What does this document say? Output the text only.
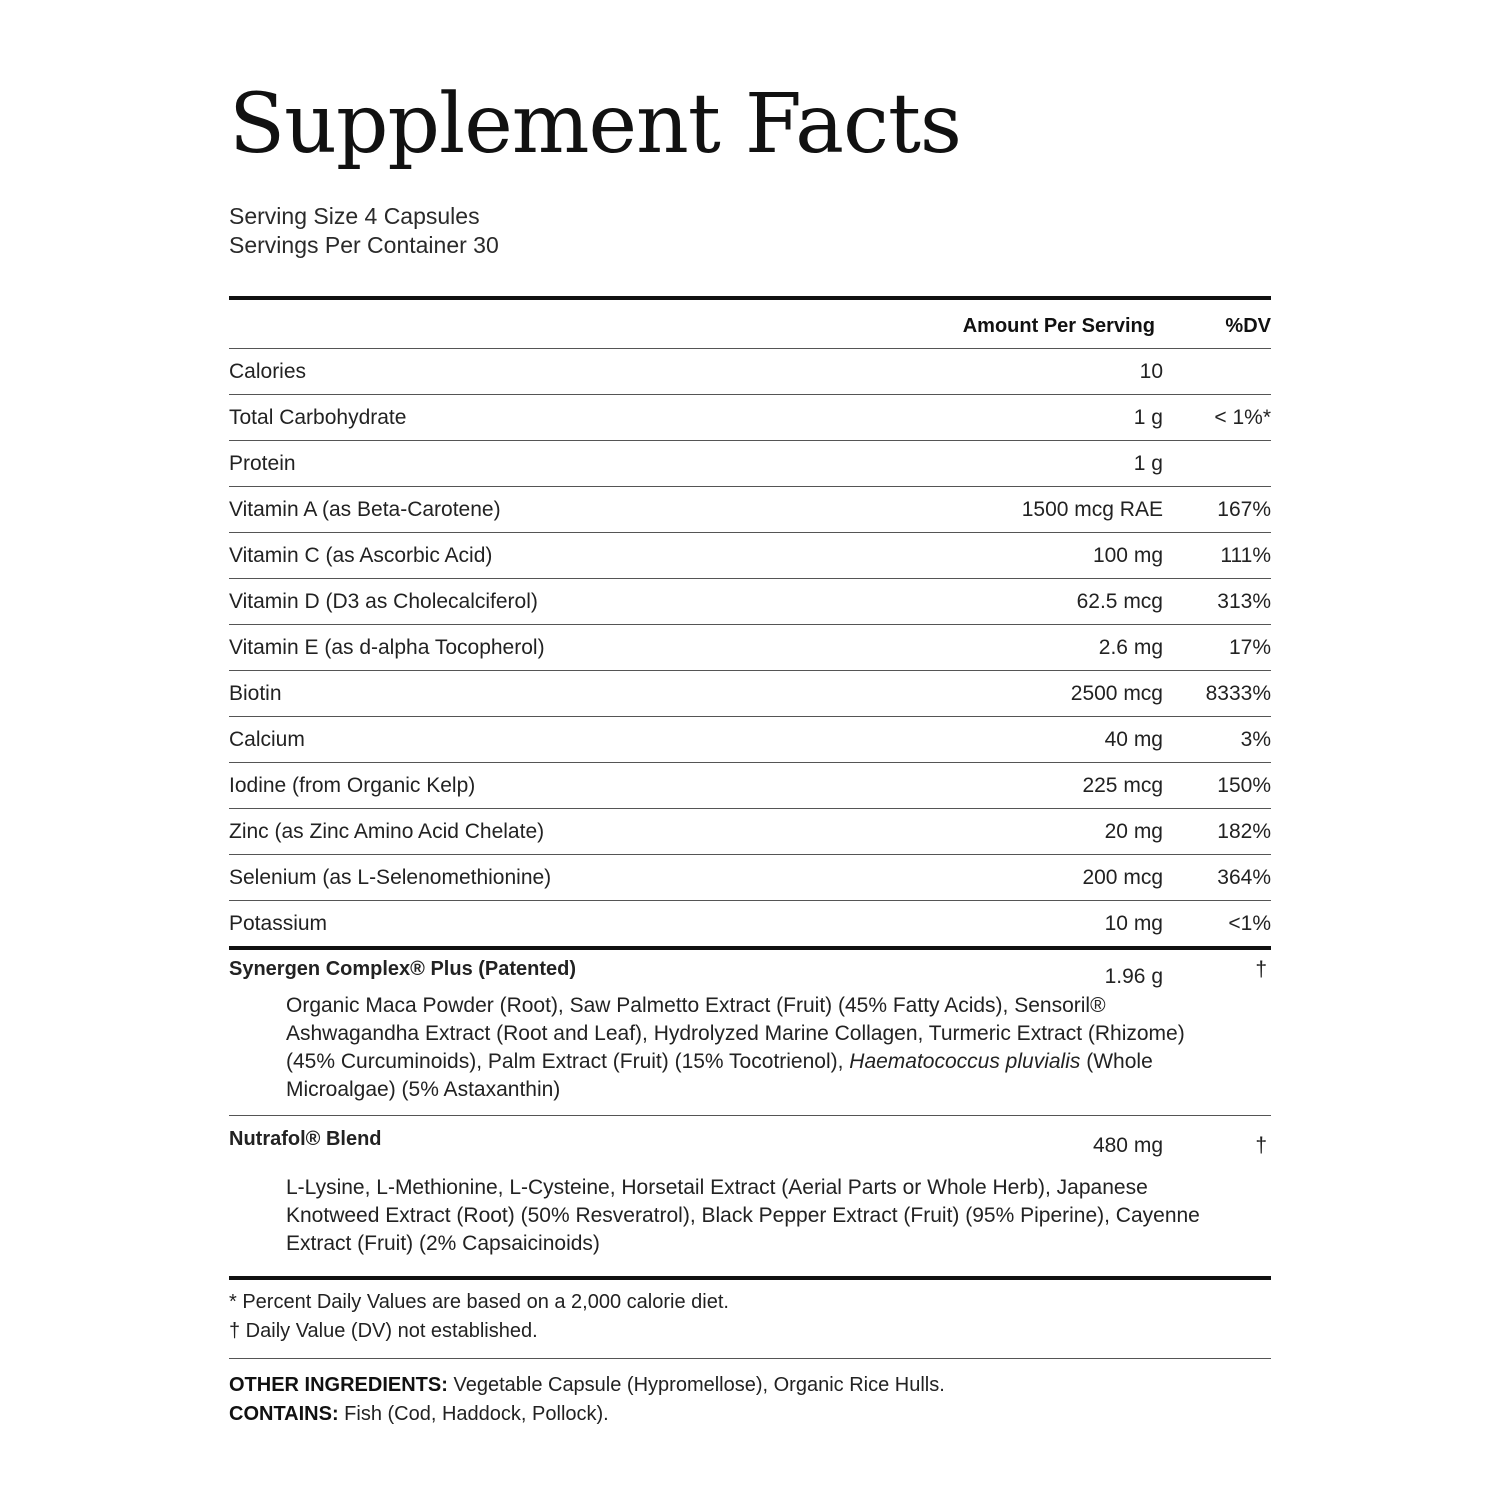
Supplement Facts
Serving Size 4 Capsules
Servings Per Container 30
Amount Per Serving	%DV
Calories	10
Total Carbohydrate	1 g < 1%*
Protein	1 g
Vitamin A (as Beta-Carotene)	1500 mcg RAE	167%
Vitamin C (as Ascorbic Acid)	100 mg	111%
Vitamin D (D3 as Cholecalciferol)	62.5 mcg	313%
Vitamin E (as d-alpha Tocopherol)	2.6 mg	17%
Biotin	2500 mcg 8333%
Calcium	40 mg	3%
Iodine (from Organic Kelp)	225 mcg	150%
Zinc (as Zinc Amino Acid Chelate)	20 mg	182%
Selenium (as L-Selenomethionine)	200 mcg	364%
Potassium	10 mg	<1%
Synergen Complex® Plus (Patented)	1.96 g	†
Organic Maca Powder (Root), Saw Palmetto Extract (Fruit) (45% Fatty Acids), Sensoril® Ashwagandha Extract (Root and Leaf), Hydrolyzed Marine Collagen, Turmeric Extract (Rhizome) (45% Curcuminoids), Palm Extract (Fruit) (15% Tocotrienol), Haematococcus pluvialis (Whole Microalgae) (5% Astaxanthin)
Nutrafol® Blend	480 mg	†
L-Lysine, L-Methionine, L-Cysteine, Horsetail Extract (Aerial Parts or Whole Herb), Japanese Knotweed Extract (Root) (50% Resveratrol), Black Pepper Extract (Fruit) (95% Piperine), Cayenne Extract (Fruit) (2% Capsaicinoids)
* Percent Daily Values are based on a 2,000 calorie diet.
† Daily Value (DV) not established.
OTHER INGREDIENTS: Vegetable Capsule (Hypromellose), Organic Rice Hulls.
CONTAINS: Fish (Cod, Haddock, Pollock).
